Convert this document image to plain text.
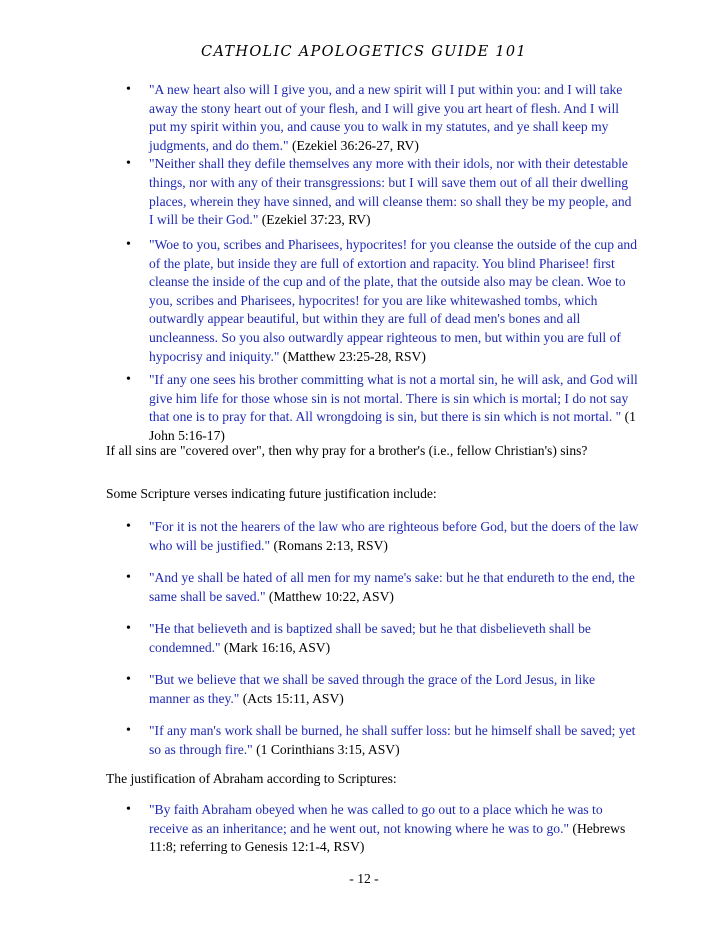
CATHOLIC APOLOGETICS GUIDE 101
• "A new heart also will I give you, and a new spirit will I put within you: and I will take away the stony heart out of your flesh, and I will give you art heart of flesh. And I will put my spirit within you, and cause you to walk in my statutes, and ye shall keep my judgments, and do them." (Ezekiel 36:26-27, RV)
• "Neither shall they defile themselves any more with their idols, nor with their detestable things, nor with any of their transgressions: but I will save them out of all their dwelling places, wherein they have sinned, and will cleanse them: so shall they be my people, and I will be their God." (Ezekiel 37:23, RV)
• "Woe to you, scribes and Pharisees, hypocrites! for you cleanse the outside of the cup and of the plate, but inside they are full of extortion and rapacity. You blind Pharisee! first cleanse the inside of the cup and of the plate, that the outside also may be clean. Woe to you, scribes and Pharisees, hypocrites! for you are like whitewashed tombs, which outwardly appear beautiful, but within they are full of dead men's bones and all uncleanness. So you also outwardly appear righteous to men, but within you are full of hypocrisy and iniquity." (Matthew 23:25-28, RSV)
• "If any one sees his brother committing what is not a mortal sin, he will ask, and God will give him life for those whose sin is not mortal. There is sin which is mortal; I do not say that one is to pray for that. All wrongdoing is sin, but there is sin which is not mortal. " (1 John 5:16-17)
If all sins are "covered over", then why pray for a brother's (i.e., fellow Christian's) sins?
Some Scripture verses indicating future justification include:
• "For it is not the hearers of the law who are righteous before God, but the doers of the law who will be justified." (Romans 2:13, RSV)
• "And ye shall be hated of all men for my name's sake: but he that endureth to the end, the same shall be saved." (Matthew 10:22, ASV)
• "He that believeth and is baptized shall be saved; but he that disbelieveth shall be condemned." (Mark 16:16, ASV)
• "But we believe that we shall be saved through the grace of the Lord Jesus, in like manner as they." (Acts 15:11, ASV)
• "If any man's work shall be burned, he shall suffer loss: but he himself shall be saved; yet so as through fire." (1 Corinthians 3:15, ASV)
The justification of Abraham according to Scriptures:
• "By faith Abraham obeyed when he was called to go out to a place which he was to receive as an inheritance; and he went out, not knowing where he was to go." (Hebrews 11:8; referring to Genesis 12:1-4, RSV)
- 12 -
